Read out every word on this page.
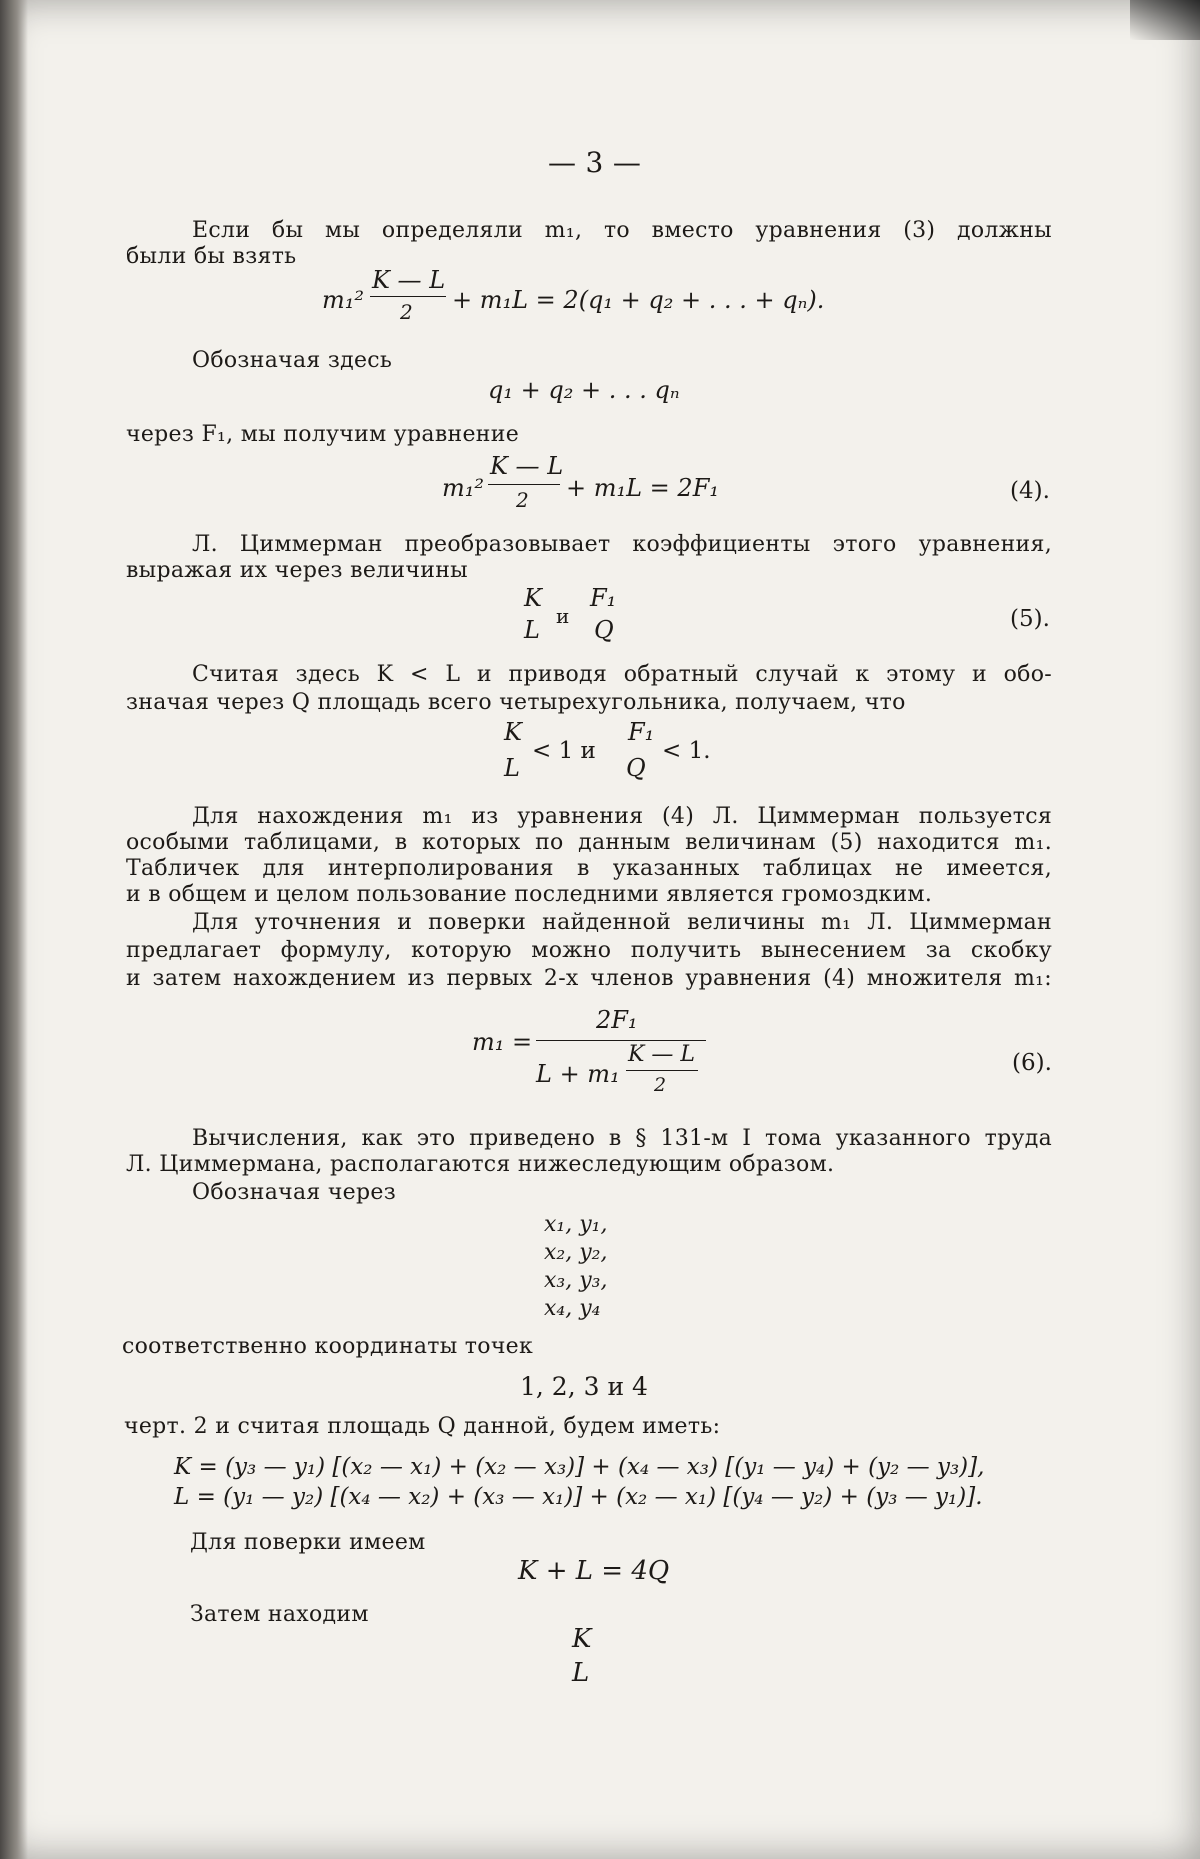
— 3 —
Если бы мы определяли m₁, то вместо уравнения (3) должны
были бы взять
m₁²
K — L
2 + m₁L = 2(q₁ + q₂ + . . . + qₙ).
Обозначая здесь
q₁ + q₂ + . . . qₙ
через F₁, мы получим уравнение
m₁²
K — L
2 + m₁L = 2F₁	(4).
Л. Циммерман преобразовывает коэффициенты этого уравнения,
выражая их через величины
K
L и
F₁
Q	(5).
Считая здесь K < L и приводя обратный случай к этому и обо-
значая через Q площадь всего четырехугольника, получаем, что
K
L
< 1 и
F₁
Q
< 1.
Для нахождения m₁ из уравнения (4) Л. Циммерман пользуется
особыми таблицами, в которых по данным величинам (5) находится m₁.
Табличек для интерполирования в указанных таблицах не имеется,
и в общем и целом пользование последними является громоздким.
Для уточнения и поверки найденной величины m₁ Л. Циммерман
предлагает формулу, которую можно получить вынесением за скобку
и затем нахождением из первых 2-х членов уравнения (4) множителя m₁:
m₁ =
2F₁
L + m₁
K — L
2
(6).
Вычисления, как это приведено в § 131-м I тома указанного труда
Л. Циммермана, располагаются нижеследующим образом.
Обозначая через
x₁, y₁,
x₂, y₂,
x₃, y₃,
x₄, y₄
соответственно координаты точек
1, 2, 3 и 4
черт. 2 и считая площадь Q данной, будем иметь:
K = (y₃ — y₁) [(x₂ — x₁) + (x₂ — x₃)] + (x₄ — x₃) [(y₁ — y₄) + (y₂ — y₃)],
L = (y₁ — y₂) [(x₄ — x₂) + (x₃ — x₁)] + (x₂ — x₁) [(y₄ — y₂) + (y₃ — y₁)].
Для поверки имеем
K + L = 4Q
Затем находим
K
L
